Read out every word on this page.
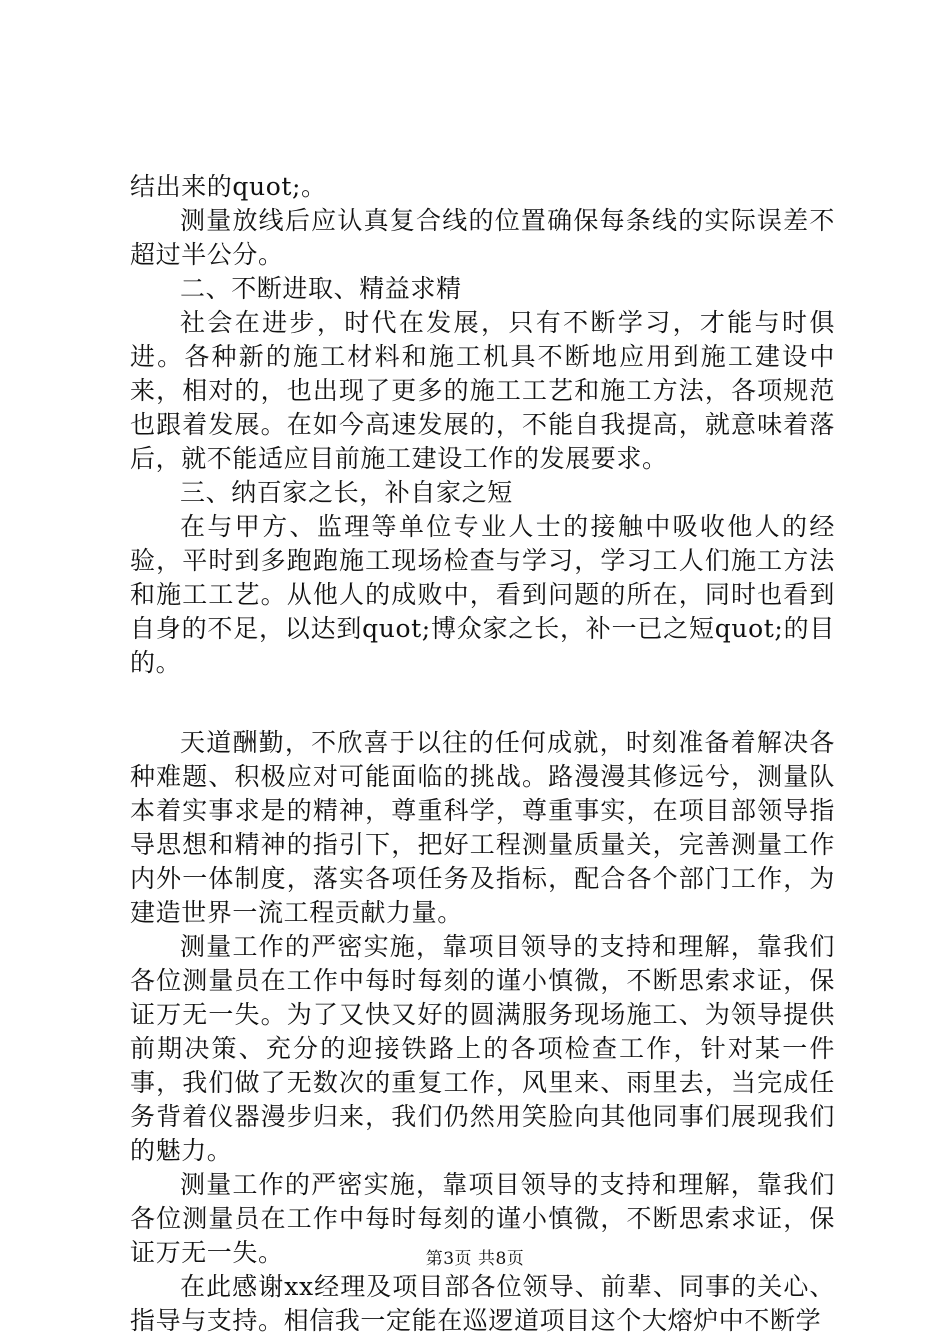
结出来的quot;。

测量放线后应认真复合线的位置确保每条线的实际误差不超过半公分。

二、不断进取、精益求精

社会在进步，时代在发展，只有不断学习，才能与时俱进。各种新的施工材料和施工机具不断地应用到施工建设中来，相对的，也出现了更多的施工工艺和施工方法，各项规范也跟着发展。在如今高速发展的，不能自我提高，就意味着落后，就不能适应目前施工建设工作的发展要求。

三、纳百家之长，补自家之短

在与甲方、监理等单位专业人士的接触中吸收他人的经验，平时到多跑跑施工现场检查与学习，学习工人们施工方法和施工工艺。从他人的成败中，看到问题的所在，同时也看到自身的不足，以达到quot;博众家之长，补一已之短quot;的目的。

天道酬勤，不欣喜于以往的任何成就，时刻准备着解决各种难题、积极应对可能面临的挑战。路漫漫其修远兮，测量队本着实事求是的精神，尊重科学，尊重事实，在项目部领导指导思想和精神的指引下，把好工程测量质量关，完善测量工作内外一体制度，落实各项任务及指标，配合各个部门工作，为建造世界一流工程贡献力量。

测量工作的严密实施，靠项目领导的支持和理解，靠我们各位测量员在工作中每时每刻的谨小慎微，不断思索求证，保证万无一失。为了又快又好的圆满服务现场施工、为领导提供前期决策、充分的迎接铁路上的各项检查工作，针对某一件事，我们做了无数次的重复工作，风里来、雨里去，当完成任务背着仪器漫步归来，我们仍然用笑脸向其他同事们展现我们的魅力。

测量工作的严密实施，靠项目领导的支持和理解，靠我们各位测量员在工作中每时每刻的谨小慎微，不断思索求证，保证万无一失。

在此感谢xx经理及项目部各位领导、前辈、同事的关心、指导与支持。相信我一定能在巡逻道项目这个大熔炉中不断学

第3页 共8页
